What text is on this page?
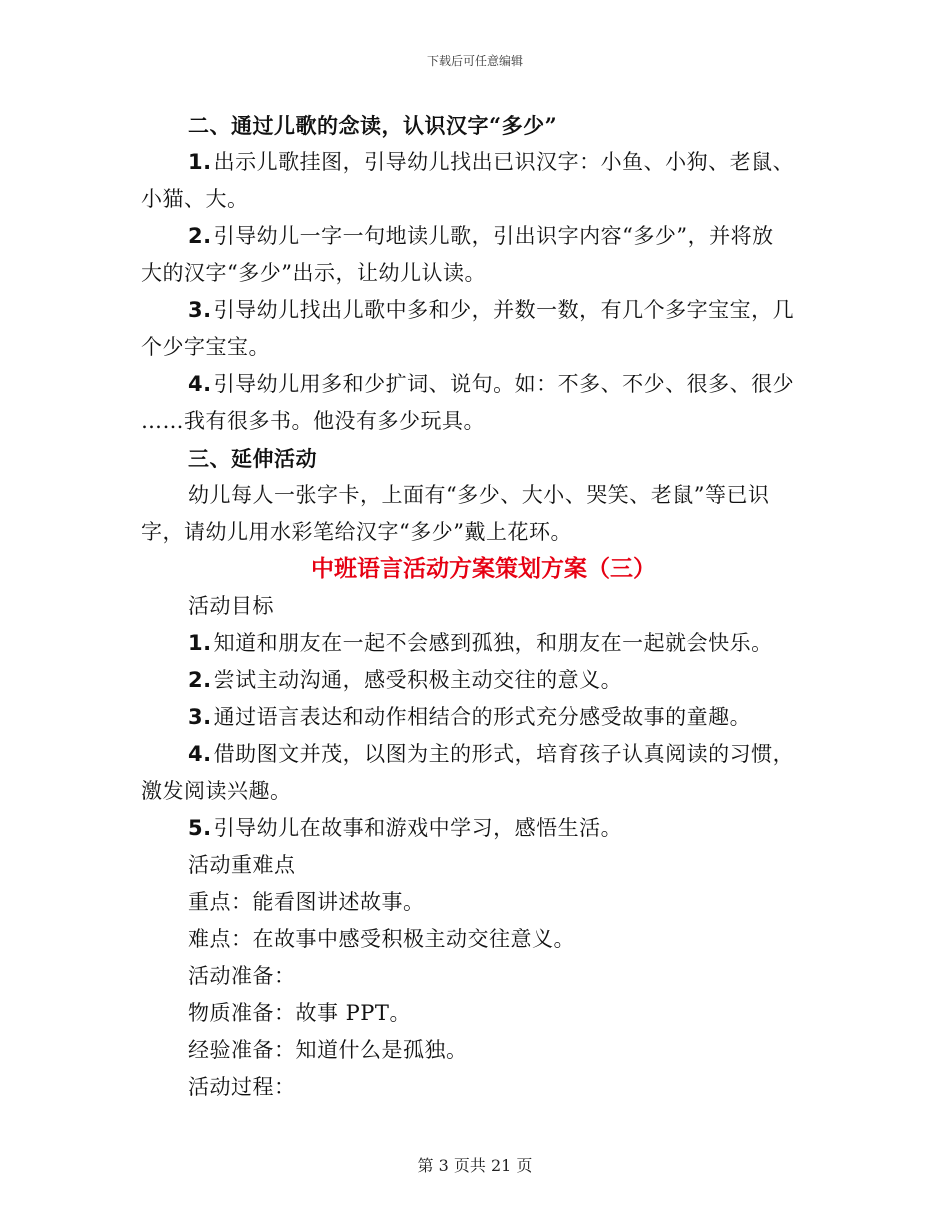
下载后可任意编辑
二、通过儿歌的念读，认识汉字“多少”
1.出示儿歌挂图，引导幼儿找出已识汉字：小鱼、小狗、老鼠、
小猫、大。
2.引导幼儿一字一句地读儿歌，引出识字内容“多少”，并将放
大的汉字“多少”出示，让幼儿认读。
3.引导幼儿找出儿歌中多和少，并数一数，有几个多字宝宝，几
个少字宝宝。
4.引导幼儿用多和少扩词、说句。如：不多、不少、很多、很少
……我有很多书。他没有多少玩具。
三、延伸活动
幼儿每人一张字卡，上面有“多少、大小、哭笑、老鼠”等已识
字，请幼儿用水彩笔给汉字“多少”戴上花环。
中班语言活动方案策划方案（三）
活动目标
1.知道和朋友在一起不会感到孤独，和朋友在一起就会快乐。
2.尝试主动沟通，感受积极主动交往的意义。
3.通过语言表达和动作相结合的形式充分感受故事的童趣。
4.借助图文并茂，以图为主的形式，培育孩子认真阅读的习惯，
激发阅读兴趣。
5.引导幼儿在故事和游戏中学习，感悟生活。
活动重难点
重点：能看图讲述故事。
难点：在故事中感受积极主动交往意义。
活动准备：
物质准备：故事 PPT。
经验准备：知道什么是孤独。
活动过程：
第 3 页共 21 页
